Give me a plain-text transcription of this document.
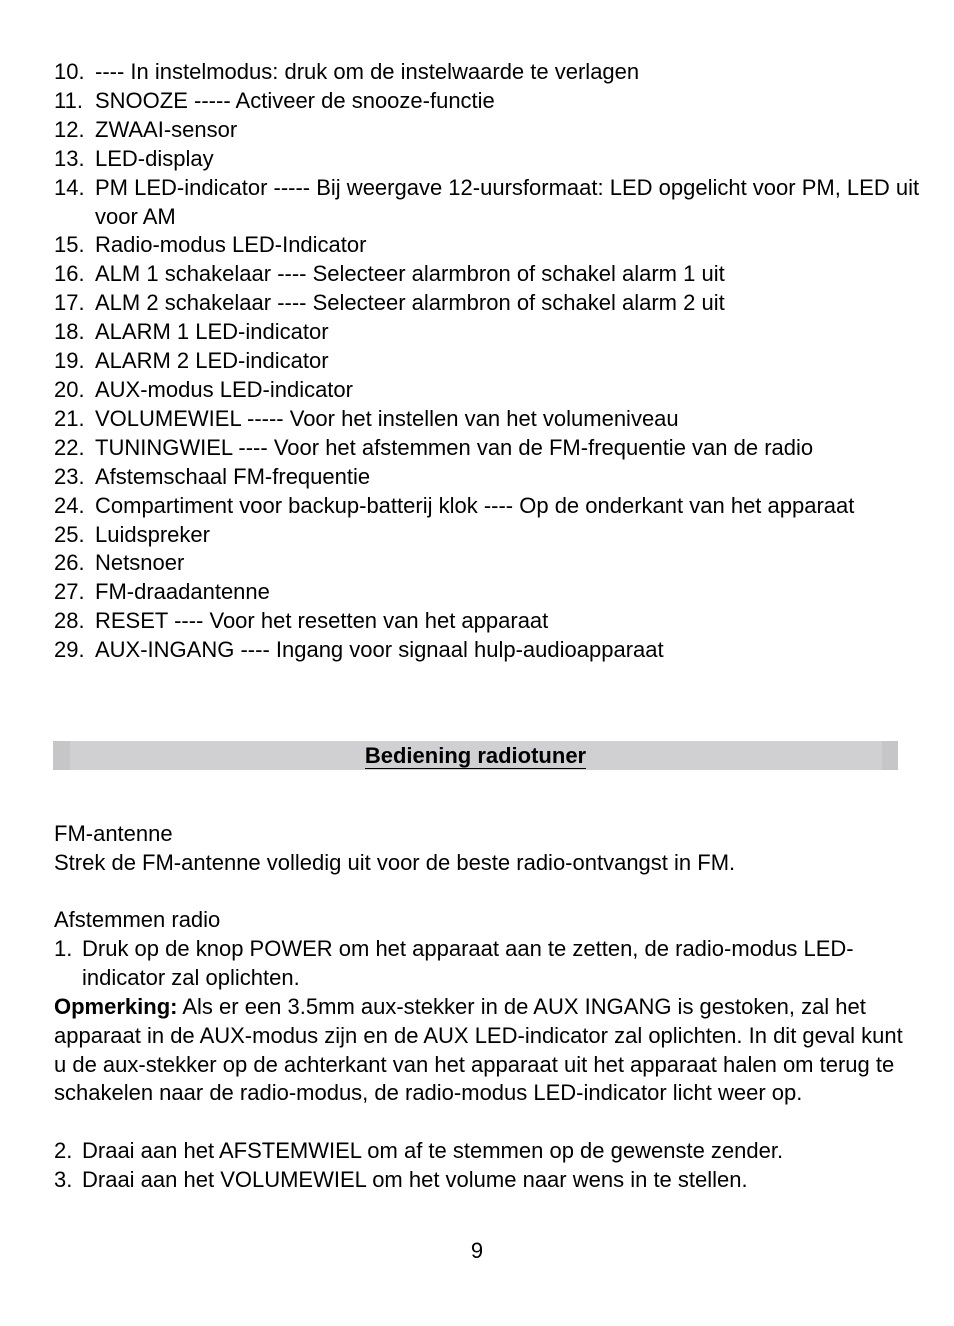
10. ---- In instelmodus: druk om de instelwaarde te verlagen
11. SNOOZE ----- Activeer de snooze-functie
12. ZWAAI-sensor
13. LED-display
14. PM LED-indicator ----- Bij weergave 12-uursformaat: LED opgelicht voor PM, LED uit voor AM
15. Radio-modus LED-Indicator
16. ALM 1 schakelaar ---- Selecteer alarmbron of schakel alarm 1 uit
17. ALM 2 schakelaar ---- Selecteer alarmbron of schakel alarm 2 uit
18. ALARM 1 LED-indicator
19. ALARM 2 LED-indicator
20. AUX-modus LED-indicator
21. VOLUMEWIEL ----- Voor het instellen van het volumeniveau
22. TUNINGWIEL ---- Voor het afstemmen van de FM-frequentie van de radio
23. Afstemschaal FM-frequentie
24. Compartiment voor backup-batterij klok ---- Op de onderkant van het apparaat
25. Luidspreker
26. Netsnoer
27. FM-draadantenne
28. RESET ---- Voor het resetten van het apparaat
29. AUX-INGANG ---- Ingang voor signaal hulp-audioapparaat
Bediening radiotuner

FM-antenne

Strek de FM-antenne volledig uit voor de beste radio-ontvangst in FM.

Afstemmen radio

1. Druk op de knop POWER om het apparaat aan te zetten, de radio-modus LED-indicator zal oplichten.

Opmerking: Als er een 3.5mm aux-stekker in de AUX INGANG is gestoken, zal het apparaat in de AUX-modus zijn en de AUX LED-indicator zal oplichten. In dit geval kunt u de aux-stekker op de achterkant van het apparaat uit het apparaat halen om terug te schakelen naar de radio-modus, de radio-modus LED-indicator licht weer op.

2. Draai aan het AFSTEMWIEL om af te stemmen op de gewenste zender.
3. Draai aan het VOLUMEWIEL om het volume naar wens in te stellen.
9
